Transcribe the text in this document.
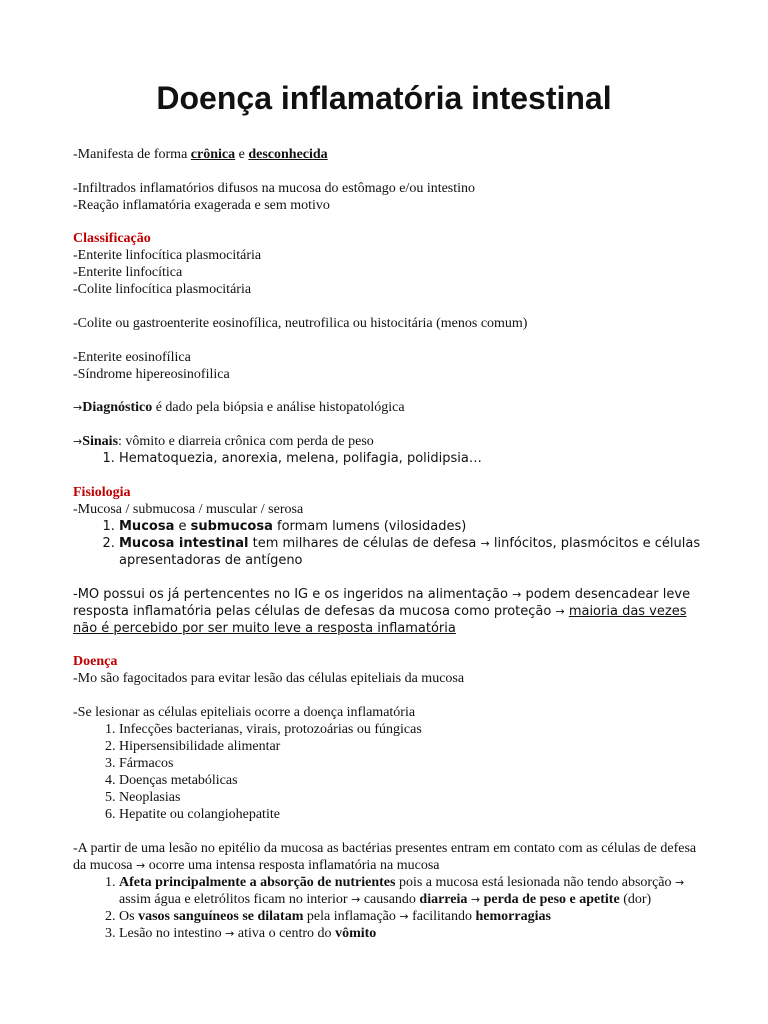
Doença inflamatória intestinal

-Manifesta de forma crônica e desconhecida

-Infiltrados inflamatórios difusos na mucosa do estômago e/ou intestino

-Reação inflamatória exagerada e sem motivo

Classificação

-Enterite linfocítica plasmocitária

-Enterite linfocítica

-Colite linfocítica plasmocitária

-Colite ou gastroenterite eosinofílica, neutrofilica ou histocitária (menos comum)

-Enterite eosinofílica

-Síndrome hipereosinofilica

→Diagnóstico é dado pela biópsia e análise histopatológica

→Sinais: vômito e diarreia crônica com perda de peso

1. Hematoquezia, anorexia, melena, polifagia, polidipsia…

Fisiologia

-Mucosa / submucosa / muscular / serosa

1. Mucosa e submucosa formam lumens (vilosidades)
2. Mucosa intestinal tem milhares de células de defesa → linfócitos, plasmócitos e células apresentadoras de antígeno

-MO possui os já pertencentes no IG e os ingeridos na alimentação → podem desencadear leve resposta inflamatória pelas células de defesas da mucosa como proteção → maioria das vezes não é percebido por ser muito leve a resposta inflamatória

Doença

-Mo são fagocitados para evitar lesão das células epiteliais da mucosa

-Se lesionar as células epiteliais ocorre a doença inflamatória

1. Infecções bacterianas, virais, protozoárias ou fúngicas
2. Hipersensibilidade alimentar
3. Fármacos
4. Doenças metabólicas
5. Neoplasias
6. Hepatite ou colangiohepatite

-A partir de uma lesão no epitélio da mucosa as bactérias presentes entram em contato com as células de defesa da mucosa → ocorre uma intensa resposta inflamatória na mucosa

1. Afeta principalmente a absorção de nutrientes pois a mucosa está lesionada não tendo absorção → assim água e eletrólitos ficam no interior → causando diarreia → perda de peso e apetite (dor)
2. Os vasos sanguíneos se dilatam pela inflamação → facilitando hemorragias
3. Lesão no intestino → ativa o centro do vômito
